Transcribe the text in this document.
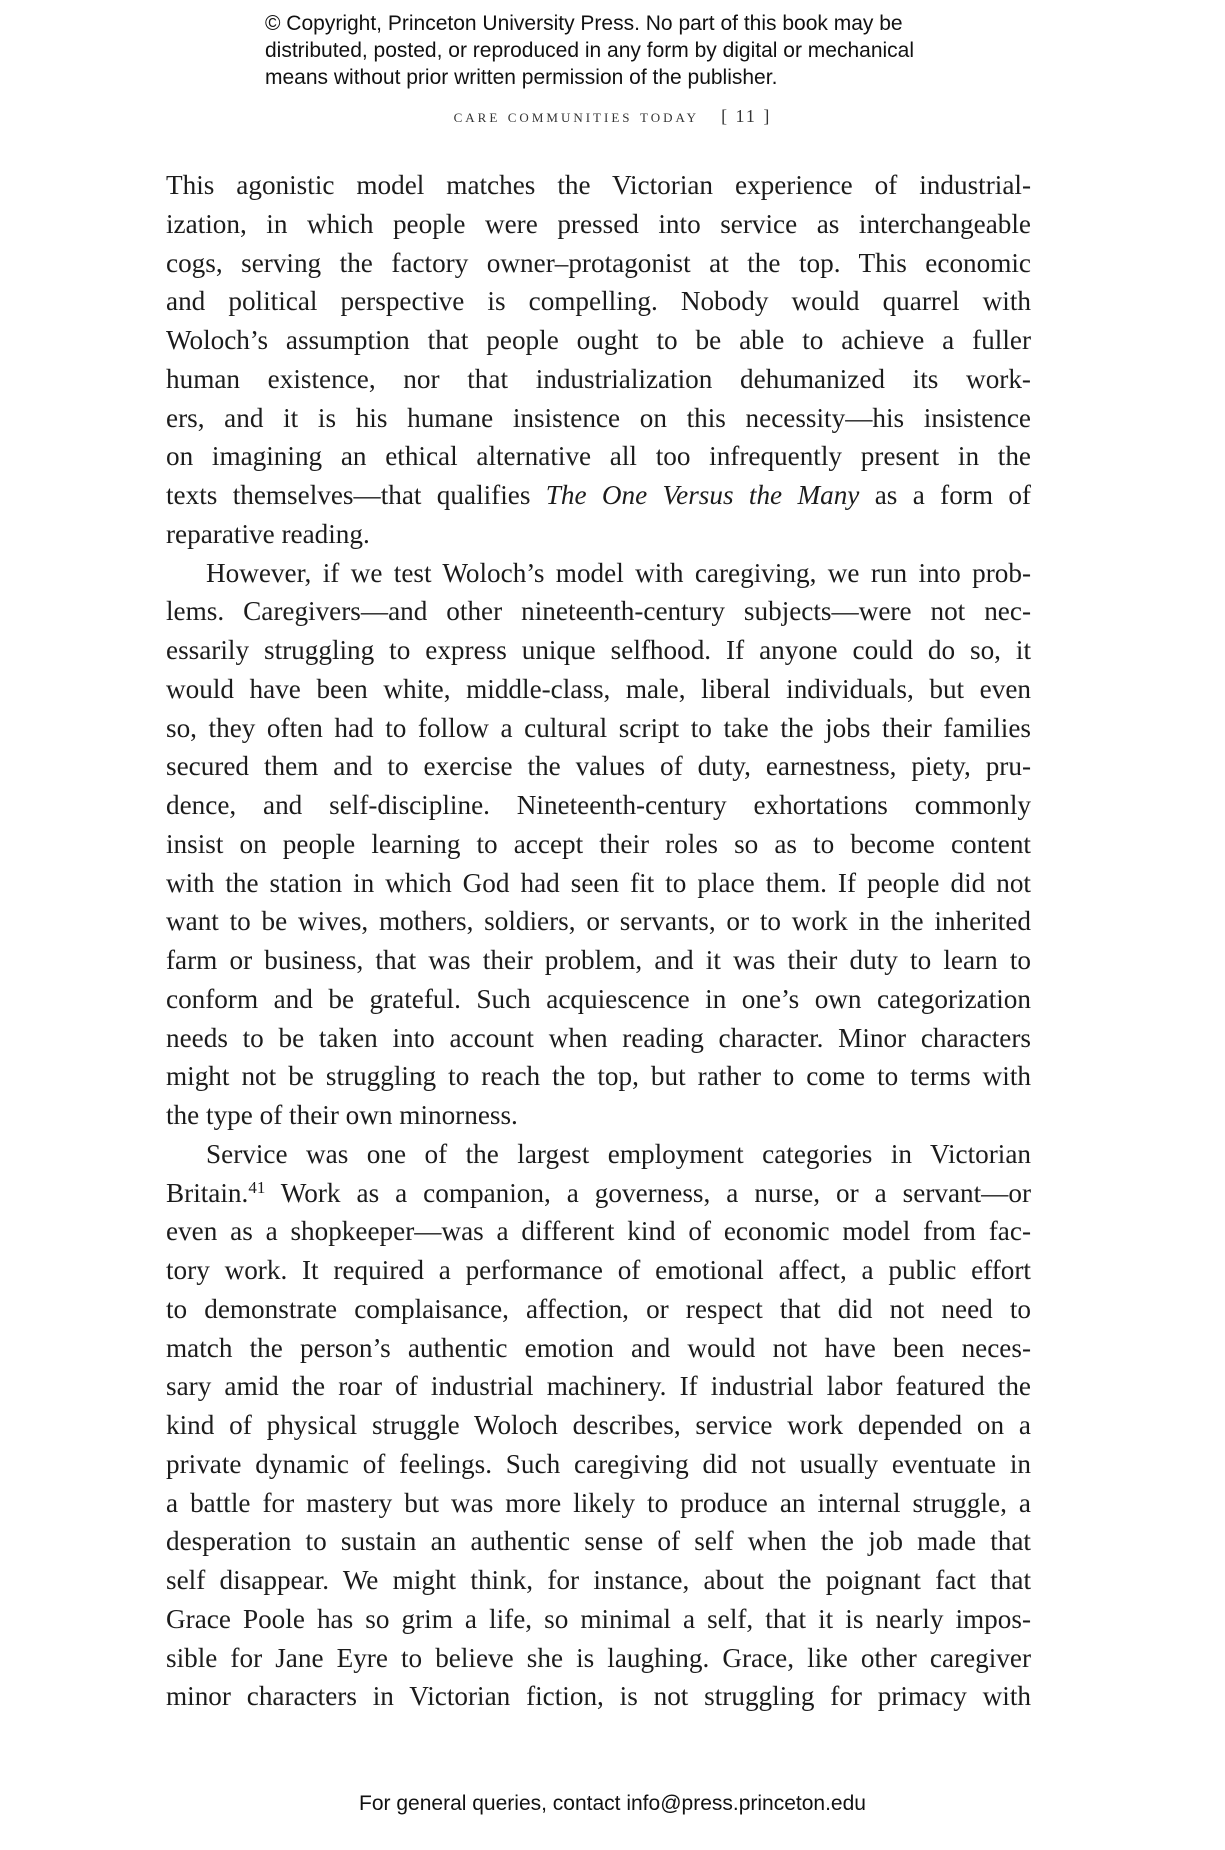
© Copyright, Princeton University Press. No part of this book may be
distributed, posted, or reproduced in any form by digital or mechanical
means without prior written permission of the publisher.
care communities today [ 11 ]
This agonistic model matches the Victorian experience of industrial-
ization, in which people were pressed into service as interchangeable
cogs, serving the factory owner–protagonist at the top. This economic
and political perspective is compelling. Nobody would quarrel with
Woloch’s assumption that people ought to be able to achieve a fuller
human existence, nor that industrialization dehumanized its work-
ers, and it is his humane insistence on this necessity—his insistence
on imagining an ethical alternative all too infrequently present in the
texts themselves—that qualifies The One Versus the Many as a form of
reparative reading.
However, if we test Woloch’s model with caregiving, we run into prob-
lems. Caregivers—and other nineteenth-century subjects—were not nec-
essarily struggling to express unique selfhood. If anyone could do so, it
would have been white, middle-class, male, liberal individuals, but even
so, they often had to follow a cultural script to take the jobs their families
secured them and to exercise the values of duty, earnestness, piety, pru-
dence, and self-discipline. Nineteenth-century exhortations commonly
insist on people learning to accept their roles so as to become content
with the station in which God had seen fit to place them. If people did not
want to be wives, mothers, soldiers, or servants, or to work in the inherited
farm or business, that was their problem, and it was their duty to learn to
conform and be grateful. Such acquiescence in one’s own categorization
needs to be taken into account when reading character. Minor characters
might not be struggling to reach the top, but rather to come to terms with
the type of their own minorness.
Service was one of the largest employment categories in Victorian
Britain.$^{41}$ Work as a companion, a governess, a nurse, or a servant—or
even as a shopkeeper—was a different kind of economic model from fac-
tory work. It required a performance of emotional affect, a public effort
to demonstrate complaisance, affection, or respect that did not need to
match the person’s authentic emotion and would not have been neces-
sary amid the roar of industrial machinery. If industrial labor featured the
kind of physical struggle Woloch describes, service work depended on a
private dynamic of feelings. Such caregiving did not usually eventuate in
a battle for mastery but was more likely to produce an internal struggle, a
desperation to sustain an authentic sense of self when the job made that
self disappear. We might think, for instance, about the poignant fact that
Grace Poole has so grim a life, so minimal a self, that it is nearly impos-
sible for Jane Eyre to believe she is laughing. Grace, like other caregiver
minor characters in Victorian fiction, is not struggling for primacy with
For general queries, contact info@press.princeton.edu
